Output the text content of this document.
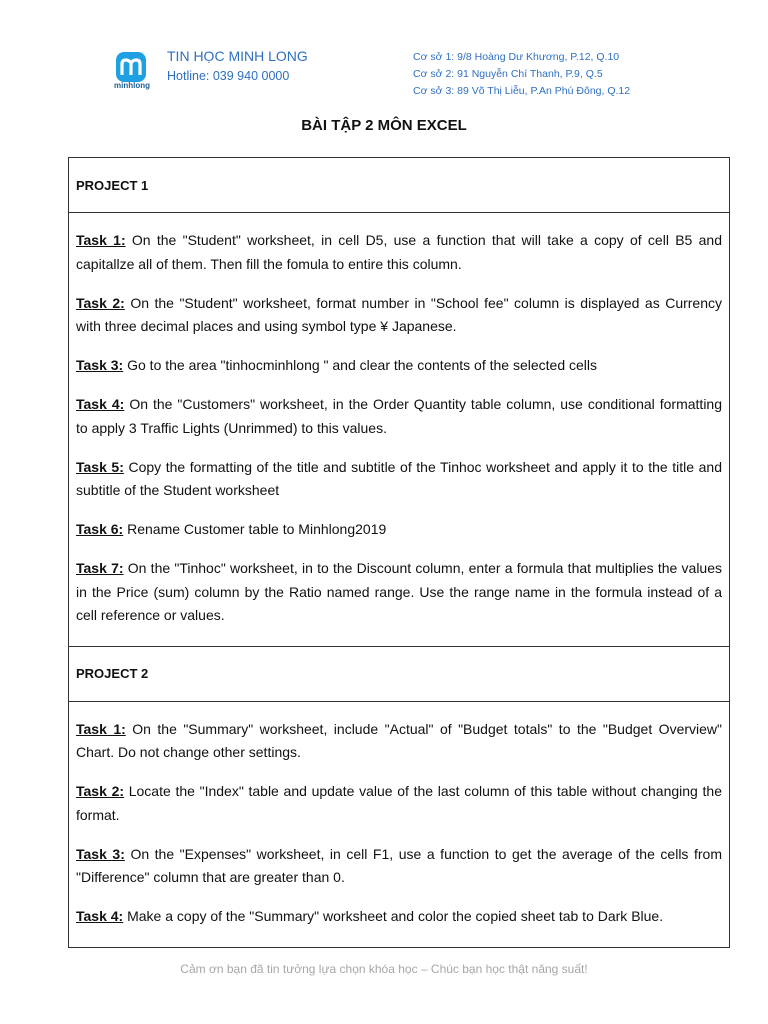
minhlong
TIN HỌC MINH LONG
Hotline: 039 940 0000
Cơ sở 1: 9/8 Hoàng Dư Khương, P.12, Q.10
Cơ sở 2: 91 Nguyễn Chí Thanh, P.9, Q.5
Cơ sở 3: 89 Võ Thị Liễu, P.An Phú Đông, Q.12
BÀI TẬP 2 MÔN EXCEL
PROJECT 1

Task 1: On the "Student" worksheet, in cell D5, use a function that will take a copy of cell B5 and capitallze all of them. Then fill the fomula to entire this column.

Task 2: On the "Student" worksheet, format number in "School fee" column is displayed as Currency with three decimal places and using symbol type ¥ Japanese.

Task 3: Go to the area "tinhocminhlong " and clear the contents of the selected cells

Task 4: On the "Customers" worksheet, in the Order Quantity table column, use conditional formatting to apply 3 Traffic Lights (Unrimmed) to this values.

Task 5: Copy the formatting of the title and subtitle of the Tinhoc worksheet and apply it to the title and subtitle of the Student worksheet

Task 6: Rename Customer table to Minhlong2019

Task 7: On the "Tinhoc" worksheet, in to the Discount column, enter a formula that multiplies the values in the Price (sum) column by the Ratio named range. Use the range name in the formula instead of a cell reference or values.

PROJECT 2

Task 1: On the "Summary" worksheet, include "Actual" of "Budget totals" to the "Budget Overview" Chart. Do not change other settings.

Task 2: Locate the "Index" table and update value of the last column of this table without changing the format.

Task 3: On the "Expenses" worksheet, in cell F1, use a function to get the average of the cells from "Difference" column that are greater than 0.

Task 4: Make a copy of the "Summary" worksheet and color the copied sheet tab to Dark Blue.

Cảm ơn bạn đã tin tưởng lựa chọn khóa học – Chúc bạn học thật năng suất!
